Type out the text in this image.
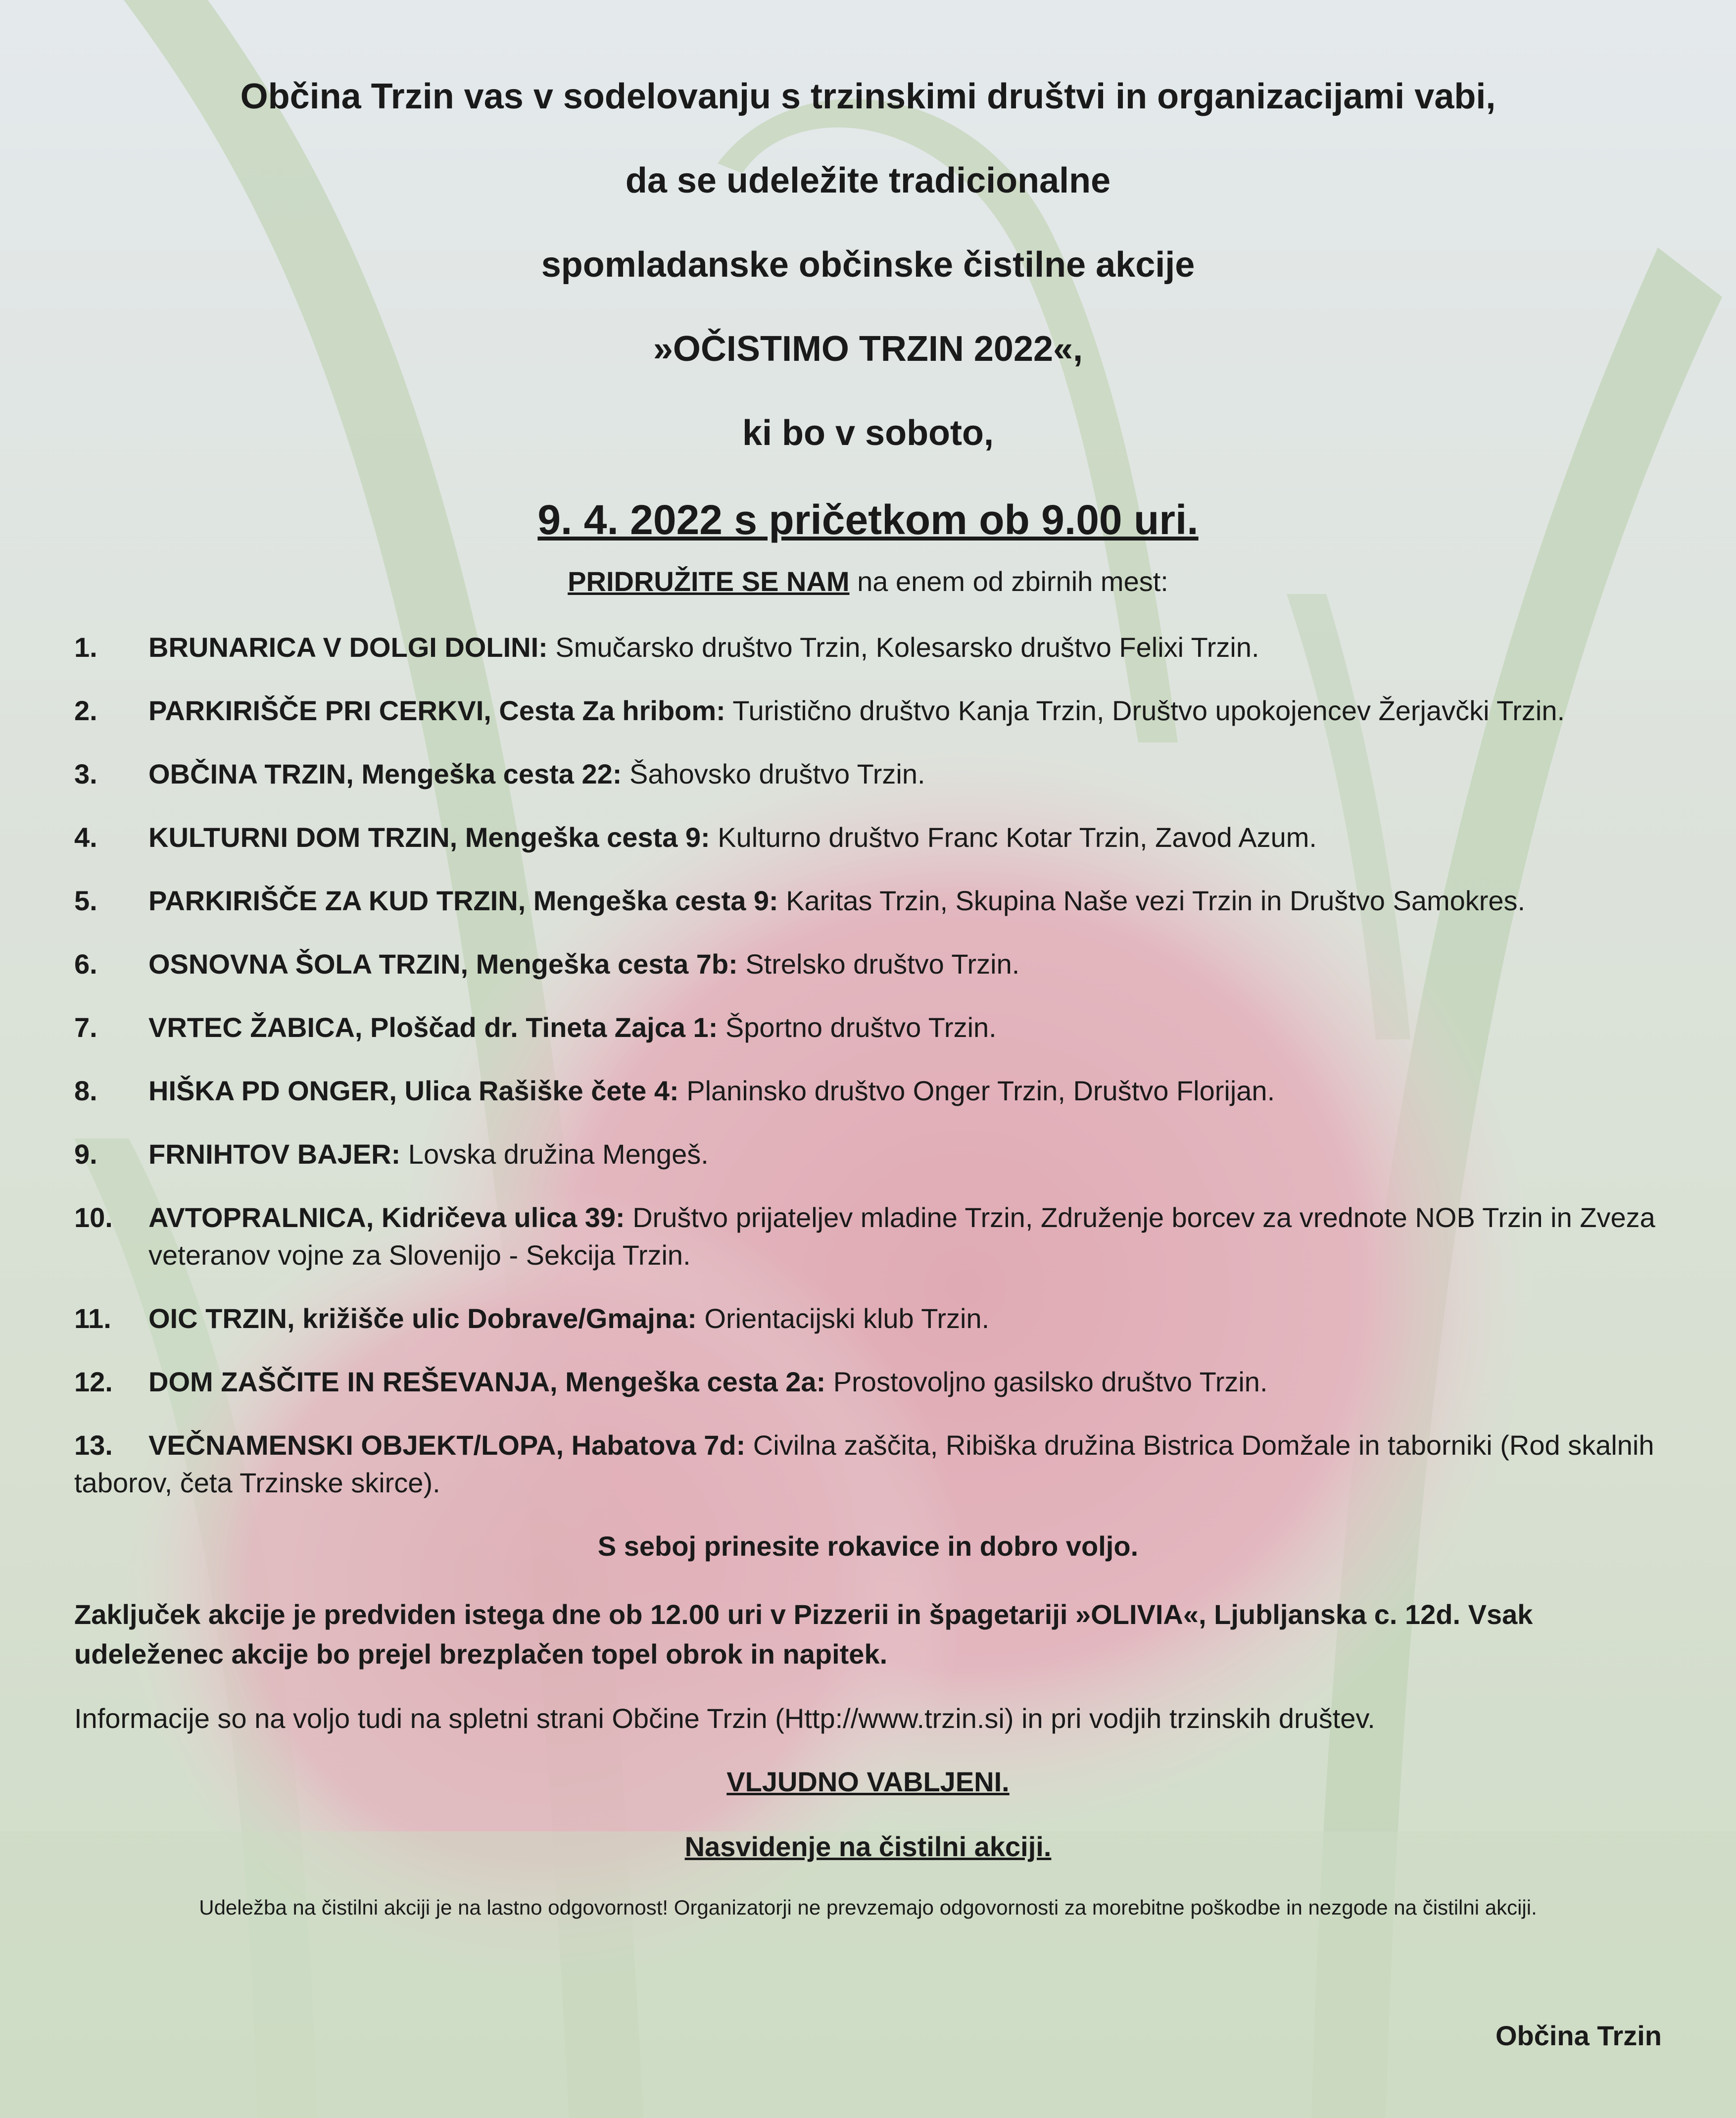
Občina Trzin vas v sodelovanju s trzinskimi društvi in organizacijami vabi,

da se udeležite tradicionalne

spomladanske občinske čistilne akcije

»OČISTIMO TRZIN 2022«,

ki bo v soboto,

9. 4. 2022 s pričetkom ob 9.00 uri.

PRIDRUŽITE SE NAM na enem od zbirnih mest:

1.	BRUNARICA V DOLGI DOLINI: Smučarsko društvo Trzin, Kolesarsko društvo Felixi Trzin.
2.	PARKIRIŠČE PRI CERKVI, Cesta Za hribom: Turistično društvo Kanja Trzin, Društvo upokojencev Žerjavčki Trzin.
3.	OBČINA TRZIN, Mengeška cesta 22: Šahovsko društvo Trzin.
4.	KULTURNI DOM TRZIN, Mengeška cesta 9: Kulturno društvo Franc Kotar Trzin, Zavod Azum.
5.	PARKIRIŠČE ZA KUD TRZIN, Mengeška cesta 9: Karitas Trzin, Skupina Naše vezi Trzin in Društvo Samokres.
6.	OSNOVNA ŠOLA TRZIN, Mengeška cesta 7b: Strelsko društvo Trzin.
7.	VRTEC ŽABICA, Ploščad dr. Tineta Zajca 1: Športno društvo Trzin.
8.	HIŠKA PD ONGER, Ulica Rašiške čete 4: Planinsko društvo Onger Trzin, Društvo Florijan.
9.	FRNIHTOV BAJER: Lovska družina Mengeš.
10.	AVTOPRALNICA, Kidričeva ulica 39: Društvo prijateljev mladine Trzin, Združenje borcev za vrednote NOB Trzin in Zveza veteranov vojne za Slovenijo - Sekcija Trzin.
11.	OIC TRZIN, križišče ulic Dobrave/Gmajna: Orientacijski klub Trzin.
12.	DOM ZAŠČITE IN REŠEVANJA, Mengeška cesta 2a: Prostovoljno gasilsko društvo Trzin.
13. VEČNAMENSKI OBJEKT/LOPA, Habatova 7d: Civilna zaščita, Ribiška družina Bistrica Domžale in taborniki (Rod skalnih taborov, četa Trzinske skirce).

S seboj prinesite rokavice in dobro voljo.

Zaključek akcije je predviden istega dne ob 12.00 uri v Pizzerii in špagetariji »OLIVIA«, Ljubljanska c. 12d. Vsak udeleženec akcije bo prejel brezplačen topel obrok in napitek.

Informacije so na voljo tudi na spletni strani Občine Trzin (Http://www.trzin.si) in pri vodjih trzinskih društev.

VLJUDNO VABLJENI.

Nasvidenje na čistilni akciji.

Udeležba na čistilni akciji je na lastno odgovornost! Organizatorji ne prevzemajo odgovornosti za morebitne poškodbe in nezgode na čistilni akciji.

Občina Trzin
